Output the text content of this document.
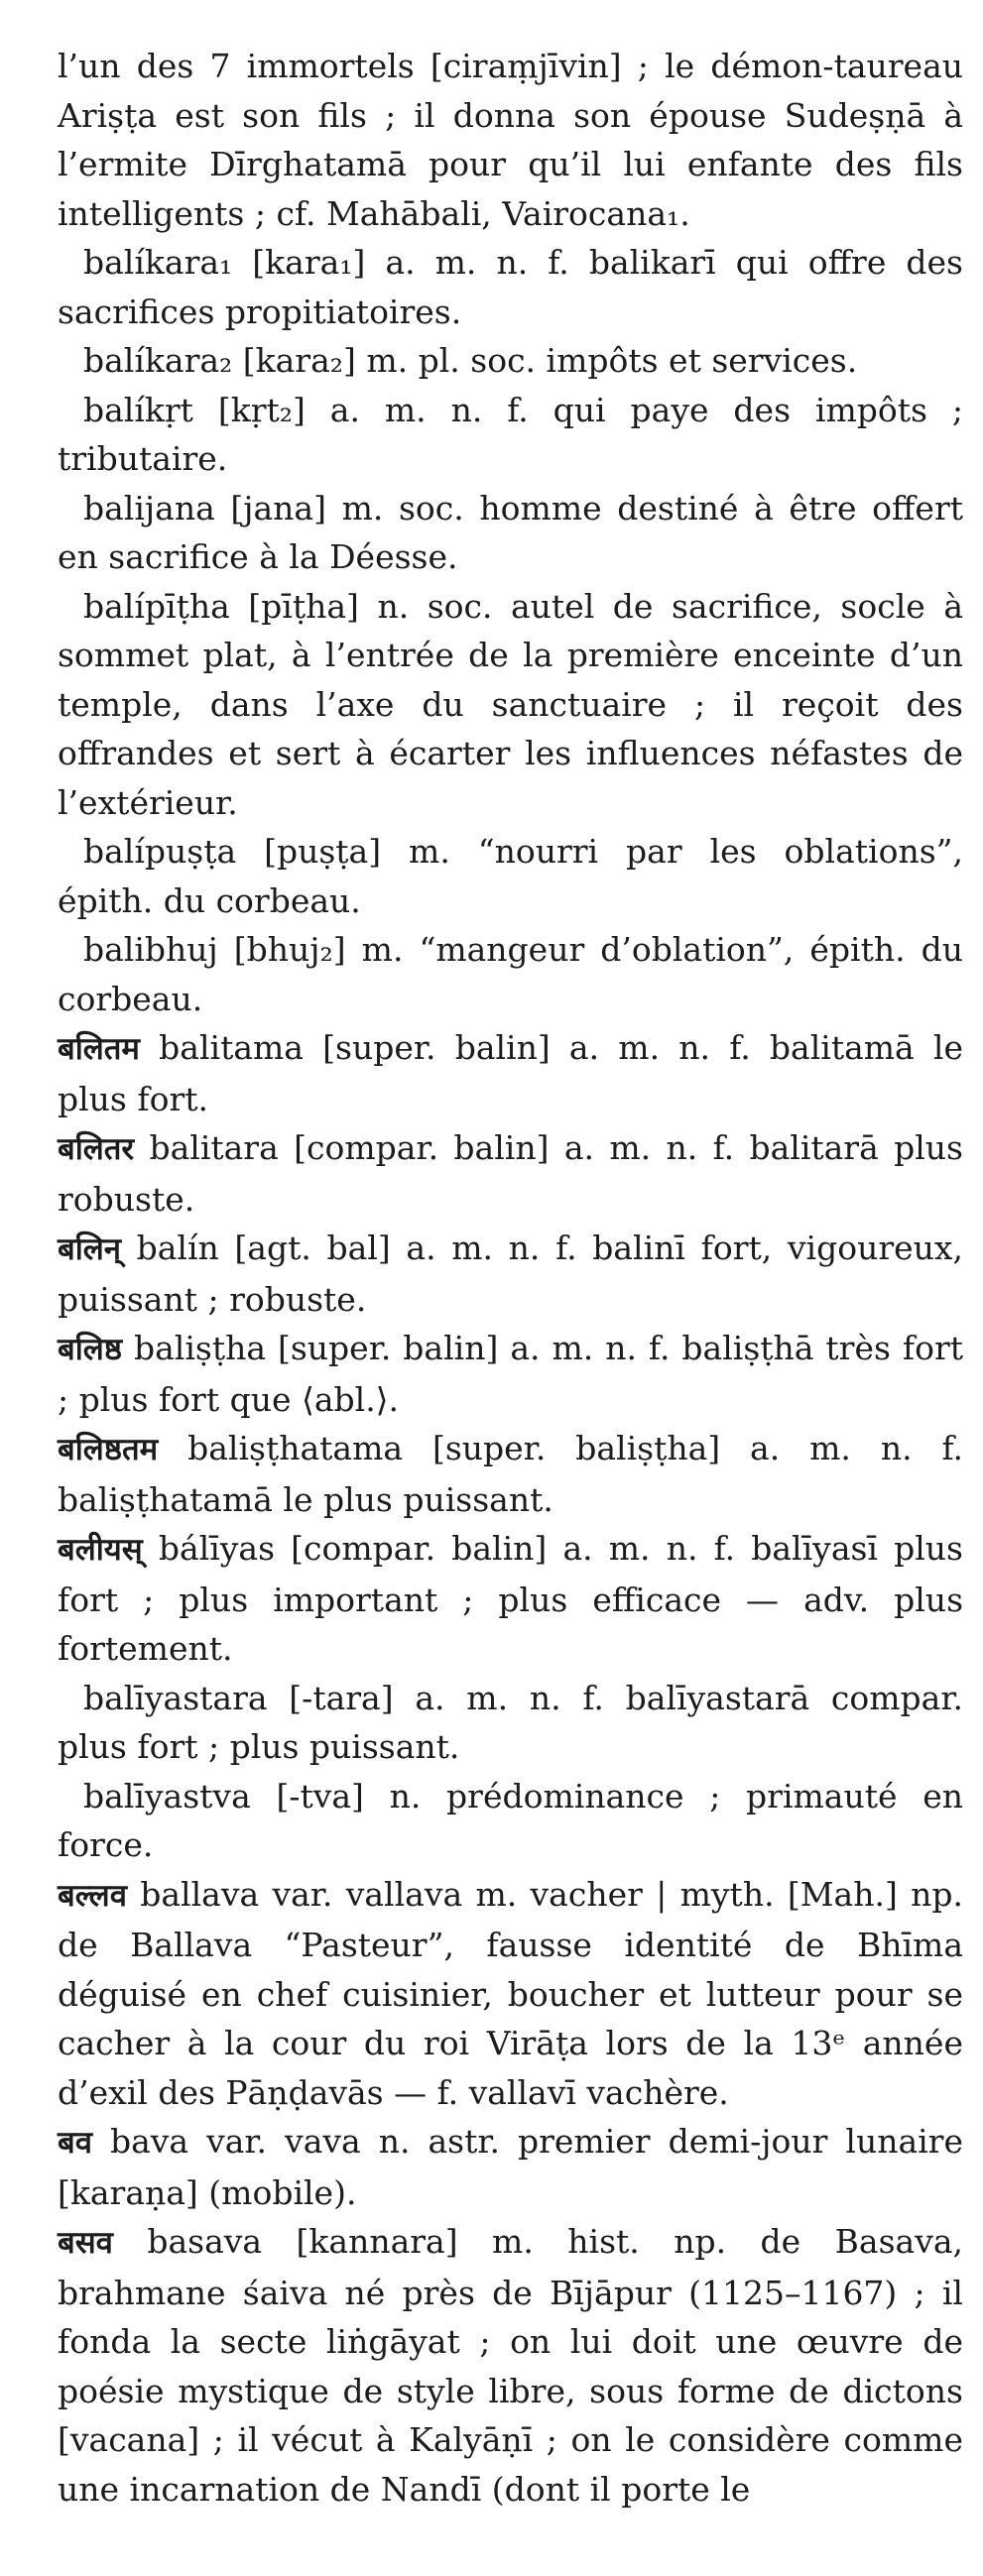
l’un des 7 immortels [ciraṃjīvin] ; le démon-taureau Ariṣṭa est son fils ; il donna son épouse Sudeṣṇā à l’ermite Dīrghatamā pour qu’il lui enfante des fils intelligents ; cf. Mahābali, Vairocana₁.

balíkara₁ [kara₁] a. m. n. f. balikarī qui offre des sacrifices propitiatoires.

balíkara₂ [kara₂] m. pl. soc. impôts et services.

balíkṛt [kṛt₂] a. m. n. f. qui paye des impôts ; tributaire.

balijana [jana] m. soc. homme destiné à être offert en sacrifice à la Déesse.

balípīṭha [pīṭha] n. soc. autel de sacrifice, socle à sommet plat, à l’entrée de la première enceinte d’un temple, dans l’axe du sanctuaire ; il reçoit des offrandes et sert à écarter les influences néfastes de l’extérieur.

balípuṣṭa [puṣṭa] m. “nourri par les oblations”, épith. du corbeau.

balibhuj [bhuj₂] m. “mangeur d’oblation”, épith. du corbeau.

बलितम balitama [super. balin] a. m. n. f. balitamā le plus fort.

बलितर balitara [compar. balin] a. m. n. f. balitarā plus robuste.

बलिन् balín [agt. bal] a. m. n. f. balinī fort, vigoureux, puissant ; robuste.

बलिष्ठ baliṣṭha [super. balin] a. m. n. f. baliṣṭhā très fort ; plus fort que ⟨abl.⟩.

बलिष्ठतम baliṣṭhatama [super. baliṣṭha] a. m. n. f. baliṣṭhatamā le plus puissant.

बलीयस् bálīyas [compar. balin] a. m. n. f. balīyasī plus fort ; plus important ; plus efficace — adv. plus fortement.

balīyastara [-tara] a. m. n. f. balīyastarā compar. plus fort ; plus puissant.

balīyastva [-tva] n. prédominance ; primauté en force.

बल्लव ballava var. vallava m. vacher | myth. [Mah.] np. de Ballava “Pasteur”, fausse identité de Bhīma déguisé en chef cuisinier, boucher et lutteur pour se cacher à la cour du roi Virāṭa lors de la 13ᵉ année d’exil des Pāṇḍavās — f. vallavī vachère.

बव bava var. vava n. astr. premier demi-jour lunaire [karaṇa] (mobile).

बसव basava [kannara] m. hist. np. de Basava, brahmane śaiva né près de Bījāpur (1125–1167) ; il fonda la secte liṅgāyat ; on lui doit une œuvre de poésie mystique de style libre, sous forme de dictons [vacana] ; il vécut à Kalyāṇī ; on le considère comme une incarnation de Nandī (dont il porte le
